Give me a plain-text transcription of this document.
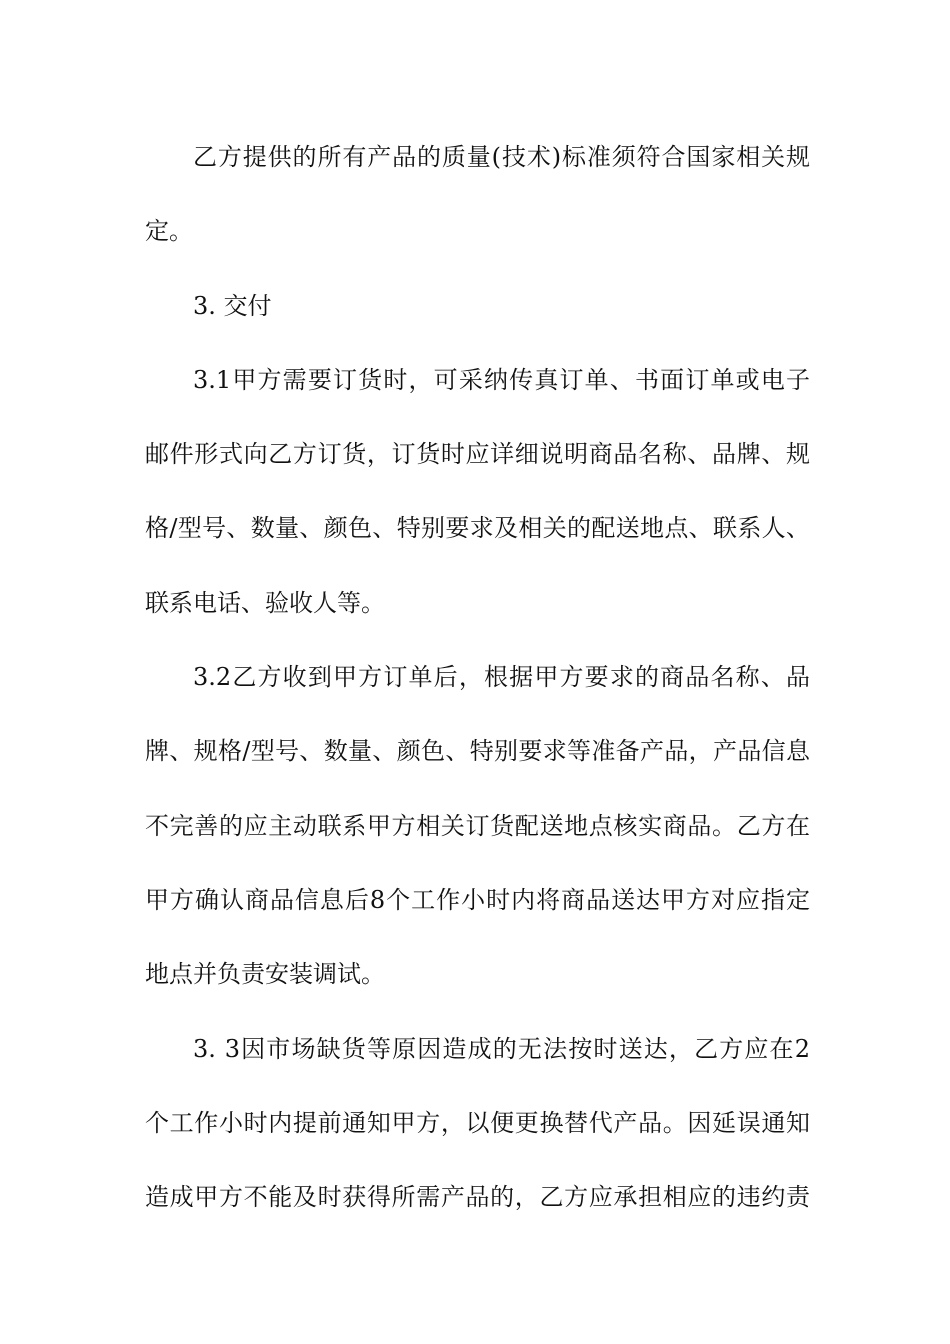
乙方提供的所有产品的质量(技术)标准须符合国家相关规
定。
3. 交付
3.1甲方需要订货时，可采纳传真订单、书面订单或电子
邮件形式向乙方订货，订货时应详细说明商品名称、品牌、规
格/型号、数量、颜色、特别要求及相关的配送地点、联系人、
联系电话、验收人等。
3.2乙方收到甲方订单后，根据甲方要求的商品名称、品
牌、规格/型号、数量、颜色、特别要求等准备产品，产品信息
不完善的应主动联系甲方相关订货配送地点核实商品。乙方在
甲方确认商品信息后8个工作小时内将商品送达甲方对应指定
地点并负责安装调试。
3. 3因市场缺货等原因造成的无法按时送达，乙方应在2
个工作小时内提前通知甲方，以便更换替代产品。因延误通知
造成甲方不能及时获得所需产品的，乙方应承担相应的违约责
